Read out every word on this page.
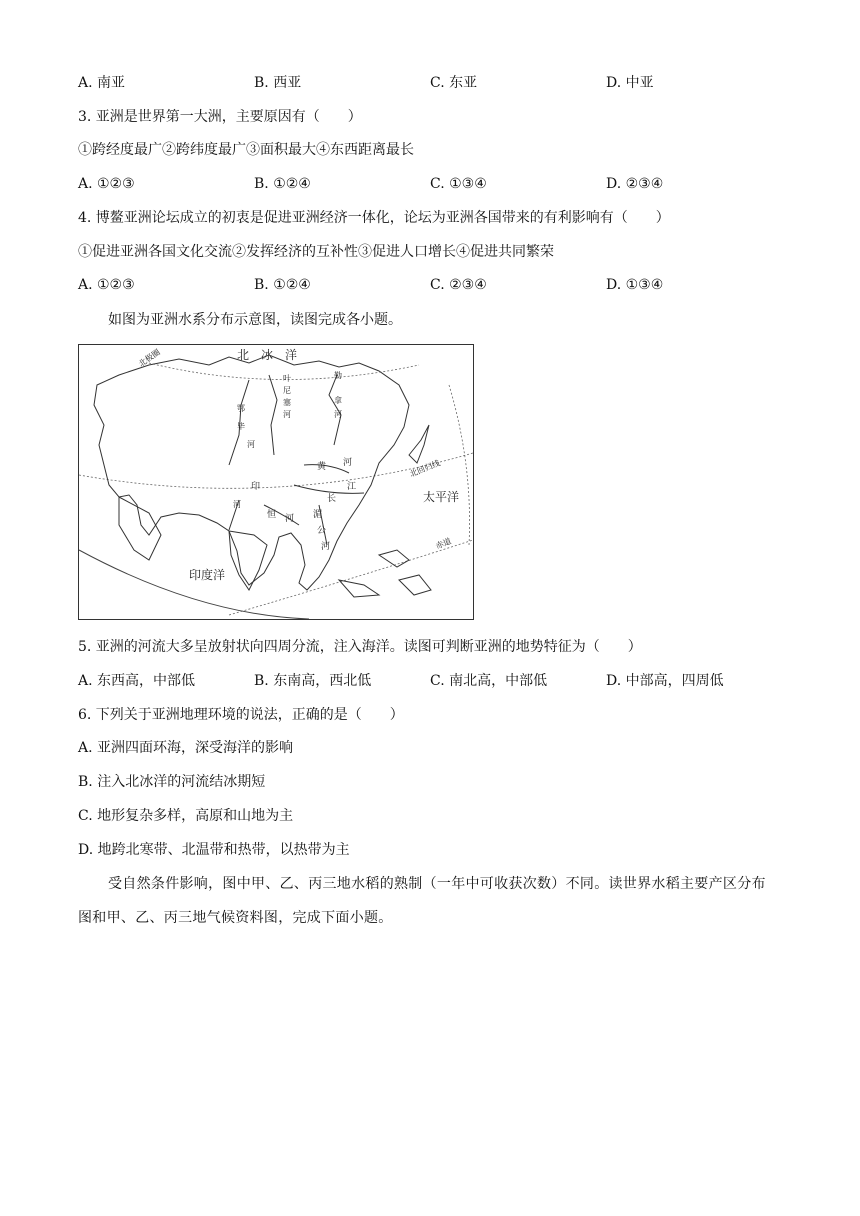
A. 南亚	B. 西亚	C. 东亚	D. 中亚
3. 亚洲是世界第一大洲，主要原因有（　　）
①跨经度最广②跨纬度最广③面积最大④东西距离最长
A. ①②③	B. ①②④	C. ①③④	D. ②③④
4. 博鳌亚洲论坛成立的初衷是促进亚洲经济一体化，论坛为亚洲各国带来的有利影响有（　　）
①促进亚洲各国文化交流②发挥经济的互补性③促进人口增长④促进共同繁荣
A. ①②③	B. ①②④	C. ②③④	D. ①③④
如图为亚洲水系分布示意图，读图完成各小题。
北　冰　洋
北极圈
叶
尼
塞
河
勒
拿
河
鄂
毕
河
印
河
恒 河
黄 河
长
江
湄
公
河
北回归线
太平洋
赤道
印度洋
5. 亚洲的河流大多呈放射状向四周分流，注入海洋。读图可判断亚洲的地势特征为（　　）
A. 东西高，中部低	B. 东南高，西北低	C. 南北高，中部低	D. 中部高，四周低
6. 下列关于亚洲地理环境的说法，正确的是（　　）
A. 亚洲四面环海，深受海洋的影响
B. 注入北冰洋的河流结冰期短
C. 地形复杂多样，高原和山地为主
D. 地跨北寒带、北温带和热带，以热带为主
受自然条件影响，图中甲、乙、丙三地水稻的熟制（一年中可收获次数）不同。读世界水稻主要产区分布图和甲、乙、丙三地气候资料图，完成下面小题。
